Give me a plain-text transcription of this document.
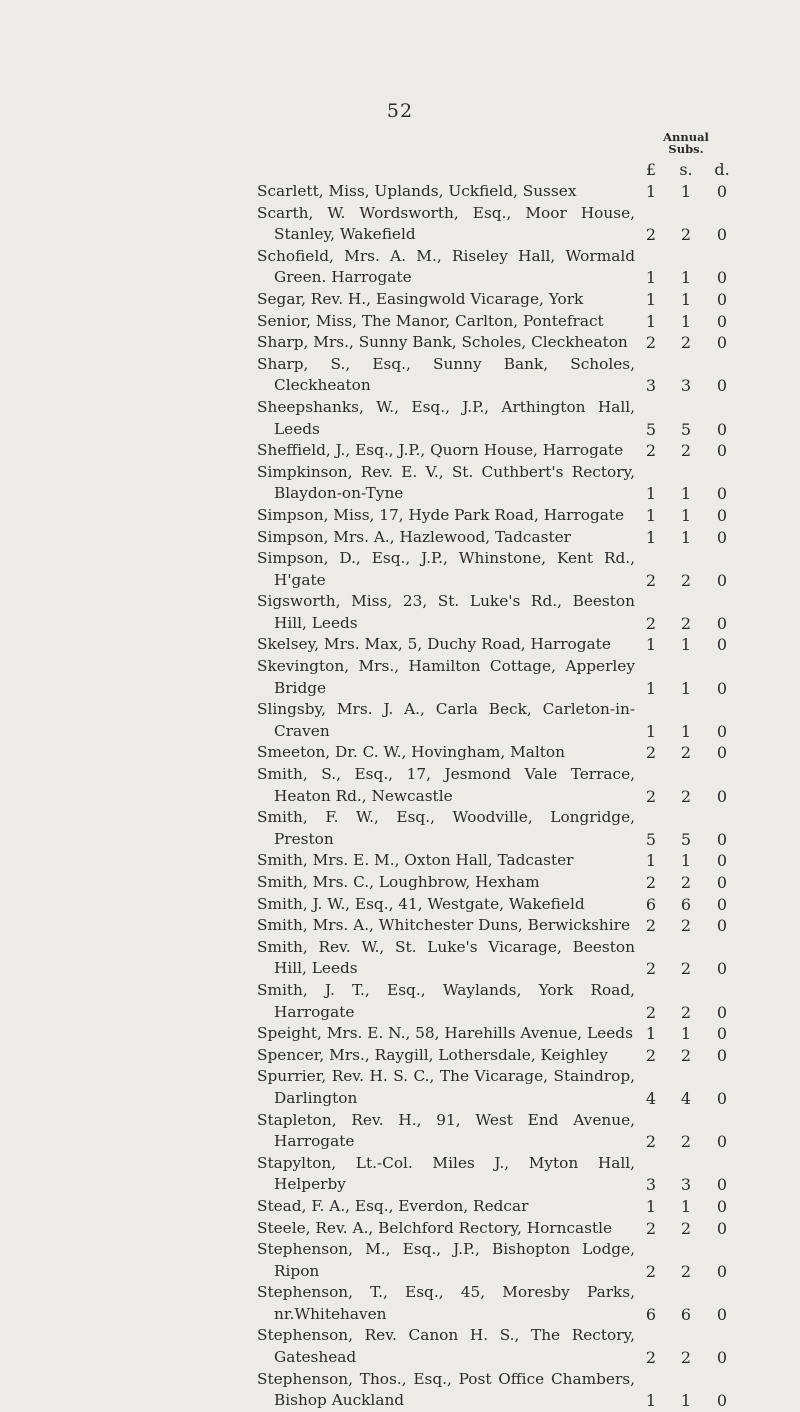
52
Annual
Subs.
£	s. d.
Scarlett, Miss, Uplands, Uckfield, Sussex	1	1	0
Scarth, W. Wordsworth, Esq., Moor House, Stanley, Wakefield	2	2	0
Schofield, Mrs. A. M., Riseley Hall, Wormald Green. Harrogate	1	1	0
Segar, Rev. H., Easingwold Vicarage, York	1	1	0
Senior, Miss, The Manor, Carlton, Pontefract	1	1	0
Sharp, Mrs., Sunny Bank, Scholes, Cleckheaton	2	2	0
Sharp, S., Esq., Sunny Bank, Scholes, Cleckheaton	3	3	0
Sheepshanks, W., Esq., J.P., Arthington Hall, Leeds	5	5	0
Sheffield, J., Esq., J.P., Quorn House, Harrogate	2	2	0
Simpkinson, Rev. E. V., St. Cuthbert's Rectory, Blaydon-on-Tyne	1	1	0
Simpson, Miss, 17, Hyde Park Road, Harrogate	1	1	0
Simpson, Mrs. A., Hazlewood, Tadcaster	1	1	0
Simpson, D., Esq., J.P., Whinstone, Kent Rd., H'gate	2	2	0
Sigsworth, Miss, 23, St. Luke's Rd., Beeston Hill, Leeds	2	2	0
Skelsey, Mrs. Max, 5, Duchy Road, Harrogate	1	1	0
Skevington, Mrs., Hamilton Cottage, Apperley Bridge	1	1	0
Slingsby, Mrs. J. A., Carla Beck, Carleton-in-Craven	1	1	0
Smeeton, Dr. C. W., Hovingham, Malton	2	2	0
Smith, S., Esq., 17, Jesmond Vale Terrace, Heaton Rd., Newcastle	2	2	0
Smith, F. W., Esq., Woodville, Longridge, Preston	5	5	0
Smith, Mrs. E. M., Oxton Hall, Tadcaster	1	1	0
Smith, Mrs. C., Loughbrow, Hexham	2	2	0
Smith, J. W., Esq., 41, Westgate, Wakefield	6	6	0
Smith, Mrs. A., Whitchester Duns, Berwickshire 2	2	0
Smith, Rev. W., St. Luke's Vicarage, Beeston Hill, Leeds	2	2	0
Smith, J. T., Esq., Waylands, York Road, Harrogate	2	2	0
Speight, Mrs. E. N., 58, Harehills Avenue, Leeds 1	1	0
Spencer, Mrs., Raygill, Lothersdale, Keighley	2	2	0
Spurrier, Rev. H. S. C., The Vicarage, Staindrop, Darlington	4	4	0
Stapleton, Rev. H., 91, West End Avenue, Harrogate	2	2	0
Stapylton, Lt.-Col. Miles J., Myton Hall, Helperby	3	3	0
Stead, F. A., Esq., Everdon, Redcar	1	1	0
Steele, Rev. A., Belchford Rectory, Horncastle	2	2	0
Stephenson, M., Esq., J.P., Bishopton Lodge, Ripon	2	2	0
Stephenson, T., Esq., 45, Moresby Parks, nr.Whitehaven	6	6	0
Stephenson, Rev. Canon H. S., The Rectory, Gateshead	2	2	0
Stephenson, Thos., Esq., Post Office Chambers, Bishop Auckland	1	1	0
